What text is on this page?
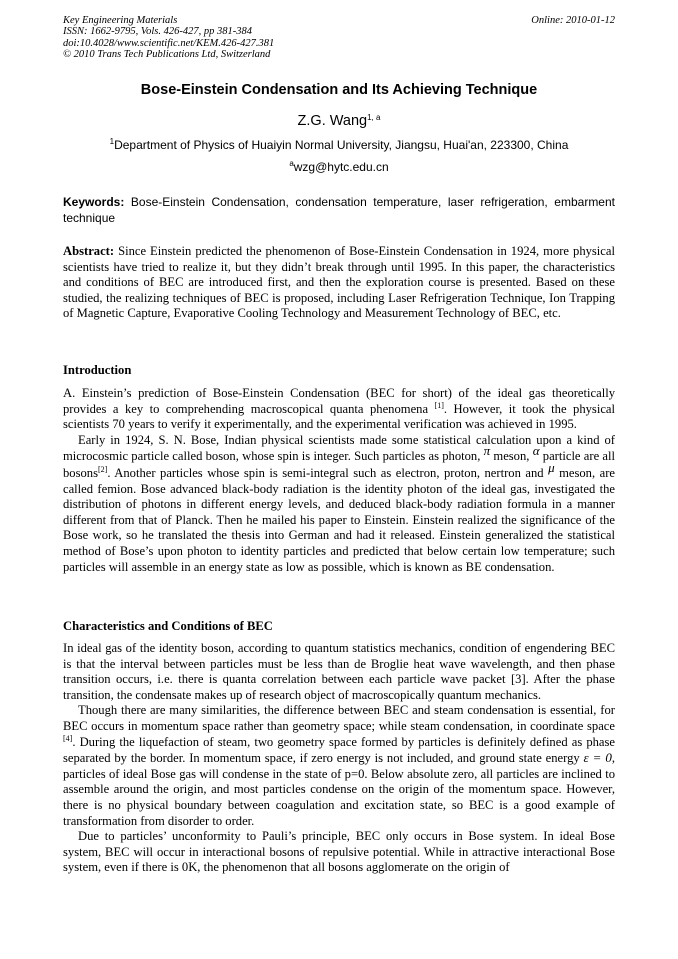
Key Engineering Materials
ISSN: 1662-9795, Vols. 426-427, pp 381-384
doi:10.4028/www.scientific.net/KEM.426-427.381
© 2010 Trans Tech Publications Ltd, Switzerland
Online: 2010-01-12
Bose-Einstein Condensation and Its Achieving Technique
Z.G. Wang$^{1, a}$
$^1$Department of Physics of Huaiyin Normal University, Jiangsu, Huai'an, 223300, China
$^a$wzg@hytc.edu.cn
Keywords: Bose-Einstein Condensation, condensation temperature, laser refrigeration, embarment technique
Abstract: Since Einstein predicted the phenomenon of Bose-Einstein Condensation in 1924, more physical scientists have tried to realize it, but they didn’t break through until 1995. In this paper, the characteristics and conditions of BEC are introduced first, and then the exploration course is presented. Based on these studied, the realizing techniques of BEC is proposed, including Laser Refrigeration Technique, Ion Trapping of Magnetic Capture, Evaporative Cooling Technology and Measurement Technology of BEC, etc.
Introduction

A. Einstein’s prediction of Bose-Einstein Condensation (BEC for short) of the ideal gas theoretically provides a key to comprehending macroscopical quanta phenomena [1]. However, it took the physical scientists 70 years to verify it experimentally, and the experimental verification was achieved in 1995.

Early in 1924, S. N. Bose, Indian physical scientists made some statistical calculation upon a kind of microcosmic particle called boson, whose spin is integer. Such particles as photon, π meson, α particle are all bosons[2]. Another particles whose spin is semi-integral such as electron, proton, nertron and μ meson, are called femion. Bose advanced black-body radiation is the identity photon of the ideal gas, investigated the distribution of photons in different energy levels, and deduced black-body radiation formula in a manner different from that of Planck. Then he mailed his paper to Einstein. Einstein realized the significance of the Bose work, so he translated the thesis into German and had it released. Einstein generalized the statistical method of Bose’s upon photon to identity particles and predicted that below certain low temperature; such particles will assemble in an energy state as low as possible, which is known as BE condensation.

Characteristics and Conditions of BEC

In ideal gas of the identity boson, according to quantum statistics mechanics, condition of engendering BEC is that the interval between particles must be less than de Broglie heat wave wavelength, and then phase transition occurs, i.e. there is quanta correlation between each particle wave packet [3]. After the phase transition, the condensate makes up of research object of macroscopically quantum mechanics.

Though there are many similarities, the difference between BEC and steam condensation is essential, for BEC occurs in momentum space rather than geometry space; while steam condensation, in coordinate space [4]. During the liquefaction of steam, two geometry space formed by particles is definitely defined as phase separated by the border. In momentum space, if zero energy is not included, and ground state energy ε = 0, particles of ideal Bose gas will condense in the state of p=0. Below absolute zero, all particles are inclined to assemble around the origin, and most particles condense on the origin of the momentum space. However, there is no physical boundary between coagulation and excitation state, so BEC is a good example of transformation from disorder to order.

Due to particles’ unconformity to Pauli’s principle, BEC only occurs in Bose system. In ideal Bose system, BEC will occur in interactional bosons of repulsive potential. While in attractive interactional Bose system, even if there is 0K, the phenomenon that all bosons agglomerate on the origin of
